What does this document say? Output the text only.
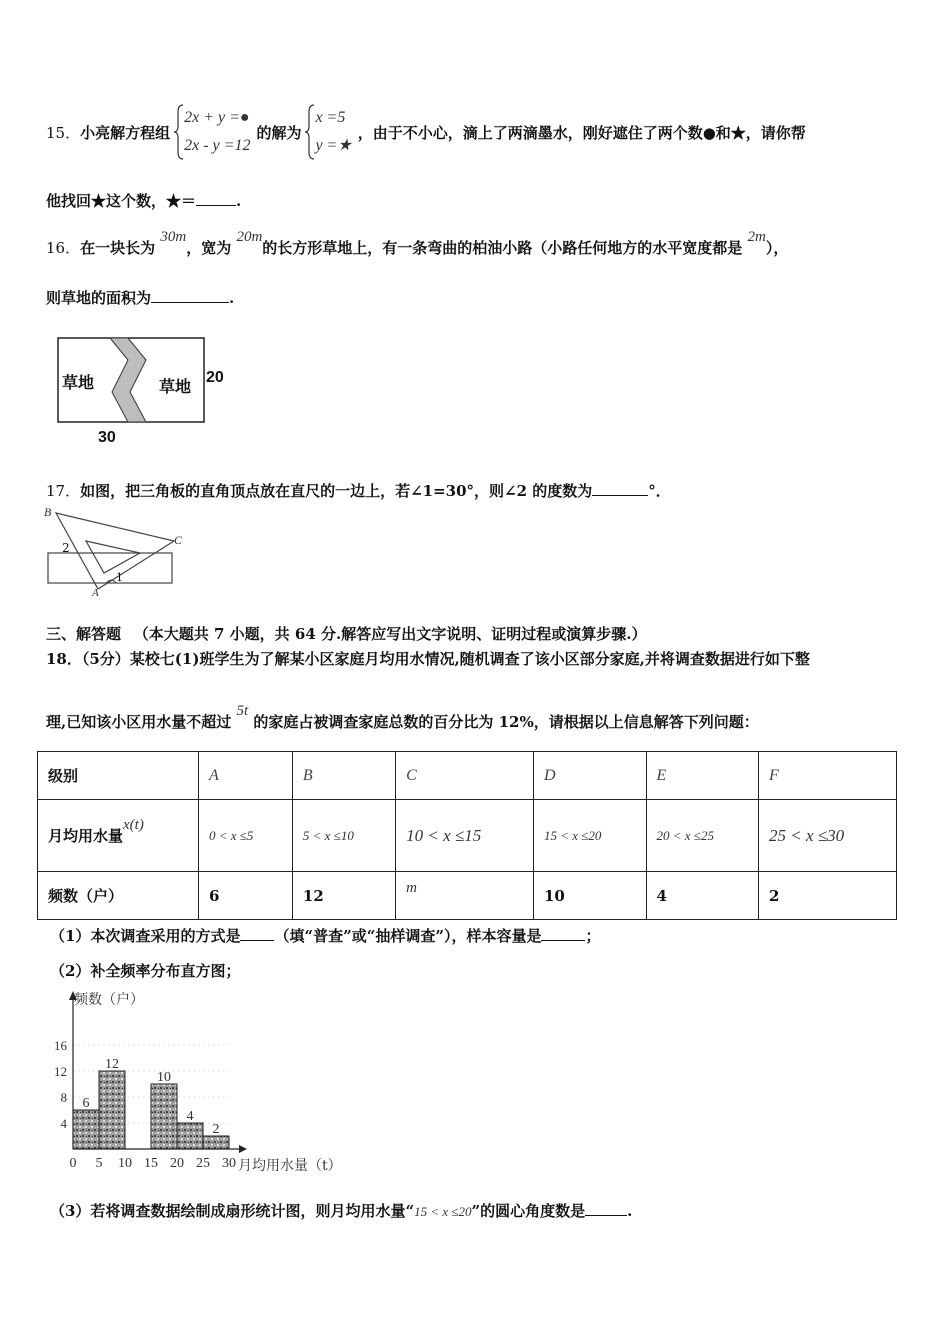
15． 小亮解方程组
2x + y =●
2x - y =12
的解为
x =5
y =★
，由于不小心，滴上了两滴墨水，刚好遮住了两个数●和★，请你帮
他找回★这个数，★＝	.
16．在一块长为 30m，宽为 20m的长方形草地上，有一条弯曲的柏油小路（小路任何地方的水平宽度都是 2m），
则草地的面积为	.
草地	草地 20
30
17．如图，把三角板的直角顶点放在直尺的一边上，若∠1=30°，则∠2 的度数为	°．
B
C
A
2
1
三、解答题 （本大题共 7 小题，共 64 分.解答应写出文字说明、证明过程或演算步骤.）
18．（5分）某校七(1)班学生为了解某小区家庭月均用水情况,随机调查了该小区部分家庭,并将调查数据进行如下整
理,已知该小区用水量不超过 5t 的家庭占被调查家庭总数的百分比为 12%，请根据以上信息解答下列问题：
级别	A	B	C	D	E	F
月均用水量x(t)	0 < x ≤5	5 < x ≤10	10 < x ≤15	15 < x ≤20	20 < x ≤25	25 < x ≤30
频数（户）	6	12	m	10	4	2
（1）本次调查采用的方式是 （填“普查”或“抽样调查”），样本容量是	；
（2）补全频率分布直方图；
6
12
10
4
2
4
8
12
16
0 5 10 15 20 25 30
频数（户）
月均用水量（t）
（3）若将调查数据绘制成扇形统计图，则月均用水量“15 < x ≤20”的圆心角度数是	.
